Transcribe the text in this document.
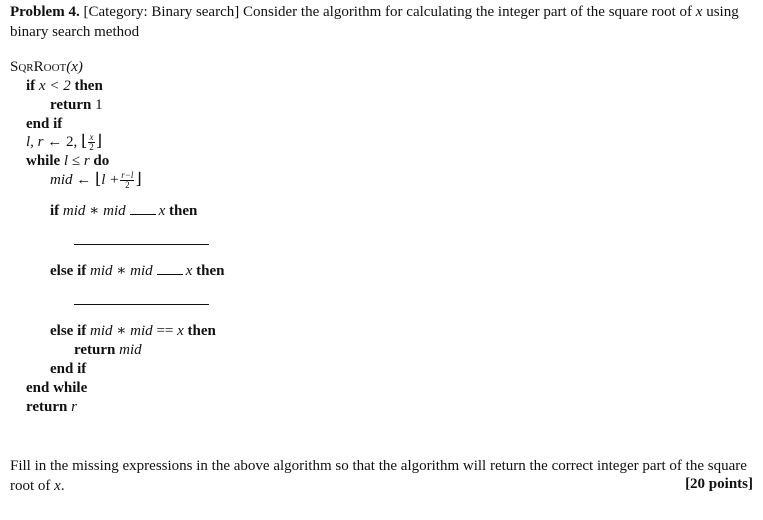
Problem 4. [Category: Binary search] Consider the algorithm for calculating the integer part of the square root of x using binary search method
SqrRoot(x)
if x < 2 then
return 1
end if
l, r ← 2, ⌊ $\frac{x}{2}$ ⌋
while l ≤ r do
mid ← ⌊l + $\frac{r-l}{2}$ ⌋
if mid ∗ mid x then
else if mid ∗ mid x then
else if mid ∗ mid == x then
return mid
end if
end while
return r
Fill in the missing expressions in the above algorithm so that the algorithm will return the correct integer part of the square root of x.	[20 points]
